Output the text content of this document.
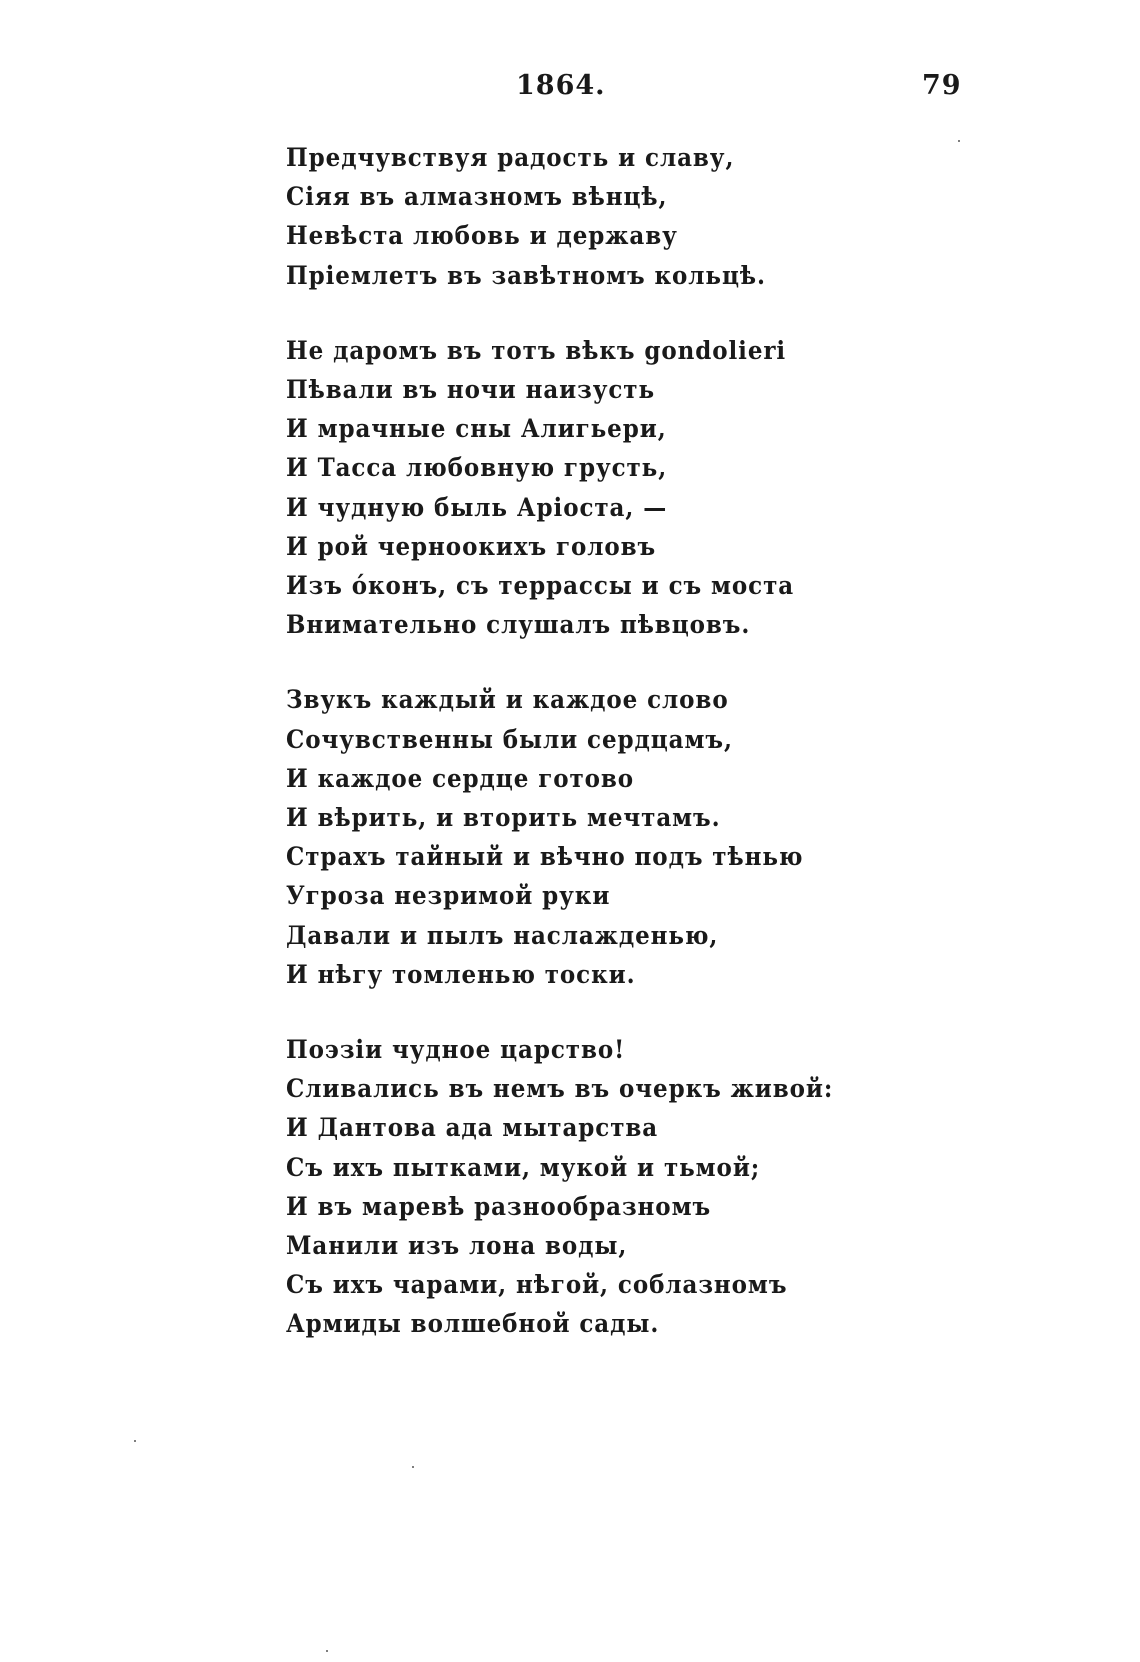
1864.	79
Предчувствуя радость и славу,
Сіяя въ алмазномъ вѣнцѣ,
Невѣста любовь и державу
Пріемлетъ въ завѣтномъ кольцѣ.
Не даромъ въ тотъ вѣкъ gondolieri
Пѣвали въ ночи наизусть
И мрачные сны Алигьери,
И Тасса любовную грусть,
И чудную быль Аріоста, —
И рой черноокихъ головъ
Изъ óконъ, съ террассы и съ моста
Внимательно слушалъ пѣвцовъ.
Звукъ каждый и каждое слово
Сочувственны были сердцамъ,
И каждое сердце готово
И вѣрить, и вторить мечтамъ.
Страхъ тайный и вѣчно подъ тѣнью
Угроза незримой руки
Давали и пылъ наслажденью,
И нѣгу томленью тоски.
Поэзіи чудное царство!
Сливались въ немъ въ очеркъ живой:
И Дантова ада мытарства
Съ ихъ пытками, мукой и тьмой;
И въ маревѣ разнообразномъ
Манили изъ лона воды,
Съ ихъ чарами, нѣгой, соблазномъ
Армиды волшебной сады.
